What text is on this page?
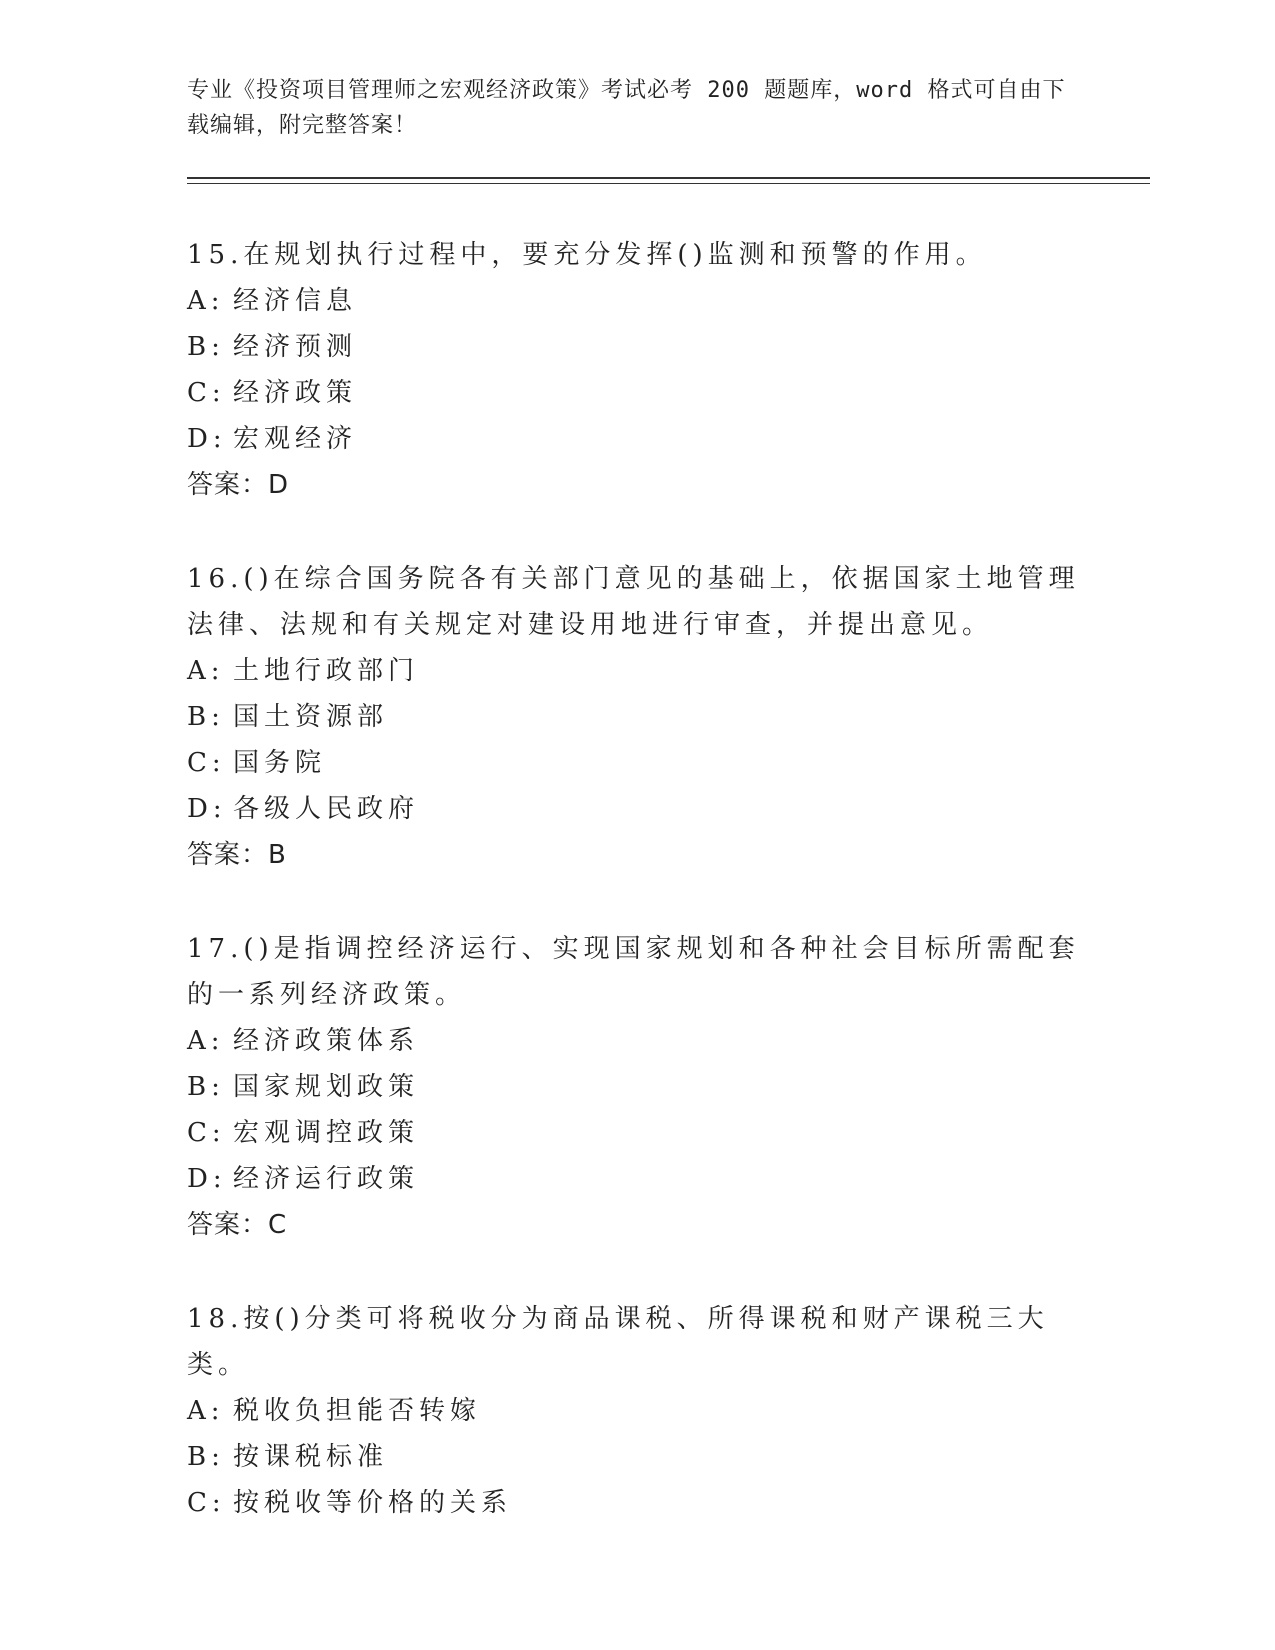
专业《投资项目管理师之宏观经济政策》考试必考 200 题题库，word 格式可自由下载编辑，附完整答案！
15.在规划执行过程中，要充分发挥()监测和预警的作用。
A: 经济信息
B: 经济预测
C: 经济政策
D: 宏观经济
答案：D
16.()在综合国务院各有关部门意见的基础上，依据国家土地管理法律、法规和有关规定对建设用地进行审查，并提出意见。
A: 土地行政部门
B: 国土资源部
C: 国务院
D: 各级人民政府
答案：B
17.()是指调控经济运行、实现国家规划和各种社会目标所需配套的一系列经济政策。
A: 经济政策体系
B: 国家规划政策
C: 宏观调控政策
D: 经济运行政策
答案：C
18.按()分类可将税收分为商品课税、所得课税和财产课税三大类。
A: 税收负担能否转嫁
B: 按课税标准
C: 按税收等价格的关系
